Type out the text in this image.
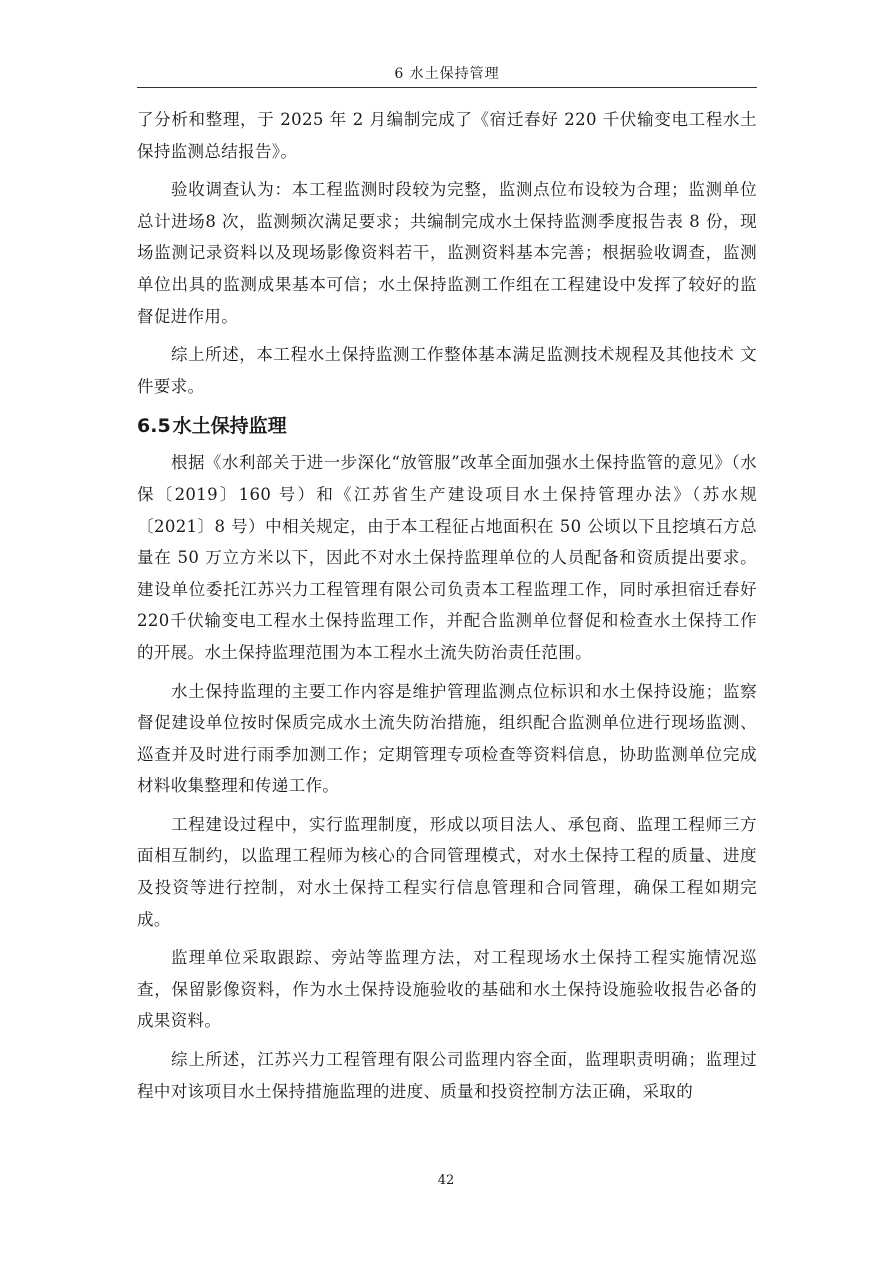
6 水土保持管理

了分析和整理，于 2025 年 2 月编制完成了《宿迁春好 220 千伏输变电工程水土保持监测总结报告》。

验收调查认为：本工程监测时段较为完整，监测点位布设较为合理；监测单位总计进场8 次，监测频次满足要求；共编制完成水土保持监测季度报告表 8 份，现场监测记录资料以及现场影像资料若干，监测资料基本完善；根据验收调查，监测单位出具的监测成果基本可信；水土保持监测工作组在工程建设中发挥了较好的监督促进作用。

综上所述，本工程水土保持监测工作整体基本满足监测技术规程及其他技术 文件要求。

6.5 水土保持监理

根据《水利部关于进一步深化“放管服”改革全面加强水土保持监管的意见》（水保〔2019〕160 号）和《江苏省生产建设项目水土保持管理办法》（苏水规〔2021〕8 号）中相关规定，由于本工程征占地面积在 50 公顷以下且挖填石方总量在 50 万立方米以下，因此不对水土保持监理单位的人员配备和资质提出要求。建设单位委托江苏兴力工程管理有限公司负责本工程监理工作，同时承担宿迁春好220千伏输变电工程水土保持监理工作，并配合监测单位督促和检查水土保持工作的开展。水土保持监理范围为本工程水土流失防治责任范围。

水土保持监理的主要工作内容是维护管理监测点位标识和水土保持设施；监察督促建设单位按时保质完成水土流失防治措施，组织配合监测单位进行现场监测、巡查并及时进行雨季加测工作；定期管理专项检查等资料信息，协助监测单位完成材料收集整理和传递工作。

工程建设过程中，实行监理制度，形成以项目法人、承包商、监理工程师三方面相互制约，以监理工程师为核心的合同管理模式，对水土保持工程的质量、进度及投资等进行控制，对水土保持工程实行信息管理和合同管理，确保工程如期完成。

监理单位采取跟踪、旁站等监理方法，对工程现场水土保持工程实施情况巡查，保留影像资料，作为水土保持设施验收的基础和水土保持设施验收报告必备的成果资料。

综上所述，江苏兴力工程管理有限公司监理内容全面，监理职责明确；监理过程中对该项目水土保持措施监理的进度、质量和投资控制方法正确，采取的

42
